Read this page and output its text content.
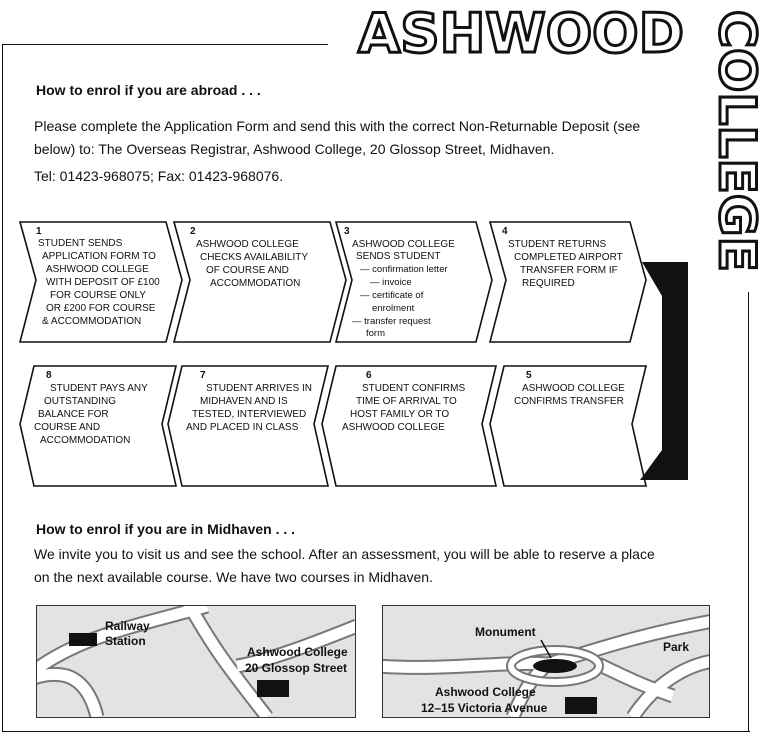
ASHWOOD COLLEGE
How to enrol if you are abroad . . .
Please complete the Application Form and send this with the correct Non-Returnable Deposit (see
below) to: The Overseas Registrar, Ashwood College, 20 Glossop Street, Midhaven.
Tel: 01423-968075; Fax: 01423-968076.
1
STUDENT SENDS
APPLICATION FORM TO
ASHWOOD COLLEGE
WITH DEPOSIT OF £100
FOR COURSE ONLY
OR £200 FOR COURSE
& ACCOMMODATION
2
ASHWOOD COLLEGE
CHECKS AVAILABILITY
OF COURSE AND
ACCOMMODATION
3
ASHWOOD COLLEGE
SENDS STUDENT
— confirmation letter
— invoice
— certificate of
enrolment
— transfer request
form
4
STUDENT RETURNS
COMPLETED AIRPORT
TRANSFER FORM IF
REQUIRED
8
STUDENT PAYS ANY
OUTSTANDING
BALANCE FOR
COURSE AND
ACCOMMODATION
7
STUDENT ARRIVES IN
MIDHAVEN AND IS
TESTED, INTERVIEWED
AND PLACED IN CLASS
6
STUDENT CONFIRMS
TIME OF ARRIVAL TO
HOST FAMILY OR TO
ASHWOOD COLLEGE
5
ASHWOOD COLLEGE
CONFIRMS TRANSFER
How to enrol if you are in Midhaven . . .
We invite you to visit us and see the school. After an assessment, you will be able to reserve a place
on the next available course. We have two courses in Midhaven.
Railway
Station
Ashwood College
20 Glossop Street
Monument
Park
Ashwood College
12–15 Victoria Avenue
